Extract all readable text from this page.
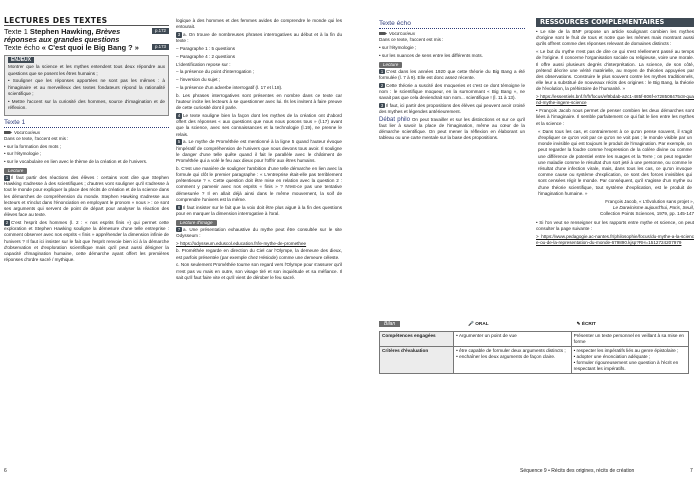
LECTURES DES TEXTES
Texte 1 Stephen Hawking, Brèves réponses aux grandes questions
p.172
Texte écho « C'est quoi le Big Bang ? »	p.173
ENJEUX
Montrer que la science et les mythes entendent tous deux répondre aux questions que se posent les êtres humains ;
• Souligner que les réponses apportées ne sont pas les mêmes : à l'imaginaire et au merveilleux des textes fondateurs répond la rationalité scientifique ;
• Mettre l'accent sur la curiosité des hommes, source d'imagination et de réflexion.
Texte 1
Voca'curieux
Dans ce texte, l'accent est mis :
• sur la formation des mots ;
• sur l'étymologie ;
• sur le vocabulaire en lien avec le thème de la création et de l'univers.
Lecture
1 Il faut partir des réactions des élèves : certains vont dire que Stephen Hawking s'adresse à des scientifiques ; d'autres vont souligner qu'il s'adresse à tout le monde pour expliquer la place des récits de création et de la science dans les démarches de compréhension du monde. Stephen Hawking s'adresse aux lecteurs et s'inclut dans l'énonciation en employant le pronom « nous » : ce sont ses arguments qui servent de point de départ pour analyser la réaction des élèves face au texte.
2 C'est l'esprit des hommes (l. 2 : « nos esprits finis ») qui permet cette exploration et Stephen Hawking souligne la démesure d'une telle entreprise : comment observer avec nos esprits « finis » appréhender la dimension infinie de l'univers ? Il faut ici insister sur le fait que l'esprit renvoie bien ici à la démarche d'observation et d'exploration scientifique mais qu'il peut aussi désigner la capacité d'imagination humaine, cette démarche ayant offert les premières réponses d'ordre sacré / mythique.
logique à des hommes et des femmes avides de comprendre le monde qui les entourait.
3 a. On trouve de nombreuses phrases interrogatives au début et à la fin du texte :
– Paragraphe 1 : 5 questions
– Paragraphe 4 : 2 questions
L'identification repose sur :
– la présence du point d'interrogation ;
– l'inversion du sujet ;
– la présence d'un adverbe interrogatif (l. 17 et l.18).
b. Les phrases interrogatives sont présentes en nombre dans ce texte car l'auteur incite les lecteurs à se questionner avec lui. Ils les invitent à faire preuve de cette curiosité dont il parle.
4 Le texte souligne bien la façon dont les mythes de la création ont d'abord offert des réponses « aux questions que nous nous posons tous » (l.17) avant que la science, avec ses connaissances et la technologie (l.19), ne prenne le relais.
5 a. Le mythe de Prométhée est mentionné à la ligne 5 quand l'auteur évoque l'impératif de compréhension de l'univers que nous devons tous avoir. Il souligne le danger d'une telle quête quand il fait le parallèle avec le châtiment de Prométhée qui a volé le feu aux dieux pour l'offrir aux êtres humains.
b. C'est une manière de souligner l'ambition d'une telle démarche en lien avec la formule qui clôt le premier paragraphe : « L'entreprise était-elle pas terriblement prétentieuse ? ». Cette question doit être mise en relation avec la question 2 : comment y parvenir avec nos esprits « finis » ? N'est-ce pas une tentative démesurée ? Il en allait déjà ainsi dans le même mouvement, la soif de comprendre l'univers est la même.
6 Il faut insister sur le fait que la voix doit être plus aiguë à la fin des questions pour en marquer la dimension interrogative à l'oral.
Lecture d'image
7 a. Une présentation exhaustive du mythe peut être consultée sur le site Odysseum :
> https://odysseum.eduscol.education.fr/le-mythe-de-promethee
b. Prométhée regarde en direction du Ciel car l'Olympe, la demeure des dieux, est parfois présentée (par exemple chez Hésiode) comme une demeure céleste.
c. Non seulement Prométhée tourne son regard vers l'Olympe pour s'assurer qu'il n'est pas vu mais en outre, son visage tiré et son inquiétude et sa méfiance. Il sait qu'il faut faire vite et qu'il vient de dérober le feu sacré.
Texte écho
Voca'curieux
Dans ce texte, l'accent est mis :
• sur l'étymologie ;
• sur les nuances de sens entre les différents mots.
Lecture
1 C'est dans les années 1920 que cette théorie du Big Bang a été formulée (l. 7 à 9). Elle est donc assez récente.
2 Cette théorie a suscité des moqueries et c'est ce dont témoigne le nom : le scientifique moqueur, en la surnommant « Big Bang », ne savait pas que cela deviendrait son nom... scientifique ! (l. 11 à 13).
3 Il faut, ici partir des propositions des élèves qui peuvent avoir croisé des mythes et légendes antérieurement.
Débat philo On peut travailler et sur les distinctions et sur ce qu'il faut lier à savoir la place de l'imagination, même au cœur de la démarche scientifique. On peut mener la réflexion en élaborant un tableau ou une carte mentale sur la base des propositions.
RESSOURCES COMPLÉMENTAIRES
• Le site de la BNF propose un article soulignant combien les mythes d'origine sont le fruit de tous et notre que les mêmes mais montrant aussi qu'ils offrent comme des réponses relevant de domaines distincts :
« Le but du mythe n'est pas de dire ce qui s'est réellement passé au temps de l'origine. Il concerne l'organisation sociale ou religieuse, voire une morale. Il offre aussi plusieurs degrés d'interprétation. La science, de son côté, prétend décrire une vérité matérielle, au moyen de théories appuyées par des observations. Construire le plus souvent contre les mythes traditionnels, elle leur a substitué de nouveaux récits des origines : le Big Bang, la théorie de l'évolution, la préhistoire de l'humanité. »
> https://essentiels.bnf.fr/fr/focus/ef9bdab-a2c1-485f-806f-e728508475c8-quand-mythe-ingere-science
• François Jacob nous permet de penser combien les deux démarches sont liées à l'imaginaire. Il semble parfaitement ce qui fait le lien entre les mythes et la science :
« Dans tous les cas, et contrairement à ce qu'on pense souvent, il s'agit d'expliquer ce qu'on voit par ce qu'on ne voit pas ; le monde visible par un monde invisible qui est toujours le produit de l'imagination. Par exemple, on peut regarder la foudre comme l'expression de la colère divine ou comme une différence de potentiel entre les nuages et la Terre ; on peut regarder une maladie comme le résultat d'un sort jeté à une personne, ou comme le résultat d'une infection virale, mais, dans tous les cas, ce qu'on invoque comme cause ou système d'explication, ce sont des forces invisibles qui sont censées régir le monde. Par conséquent, qu'il s'agisse d'un mythe ou d'une théorie scientifique, tout système d'explication, est le produit de l'imagination humaine. »
François Jacob, « L'Évolution sans projet »,
Le Darwinisme aujourd'hui, Paris, Seuil,
Collection Points Sciences, 1979, pp. 145-147
• Si l'on veut se renseigner sur les rapports entre mythe et science, on peut consulter la page suivante :
> https://www.pedagogie.ac-nantes.fr/philosophie/focus/du-mythe-a-la-science-ou-de-la-representation-du-monde-679890.kjsp?RH=1512724207979
Bilan	🎤 ORAL	✎ ÉCRIT
Compétences engagées	• Argumenter un point de vue	Présenter un texte personnel en veillant à sa mise en forme
Critères d'évaluation	• être capable de formuler deux arguments distincts ;
• enchaîner les deux arguments de façon claire.	• respecter les impératifs liés au genre épistolaire ;
• adopter une énonciation adéquate ;
• formuler rigoureusement une question à l'écrit en respectant les impératifs.
6	Séquence 9 • Récits des origines, récits de création	7
